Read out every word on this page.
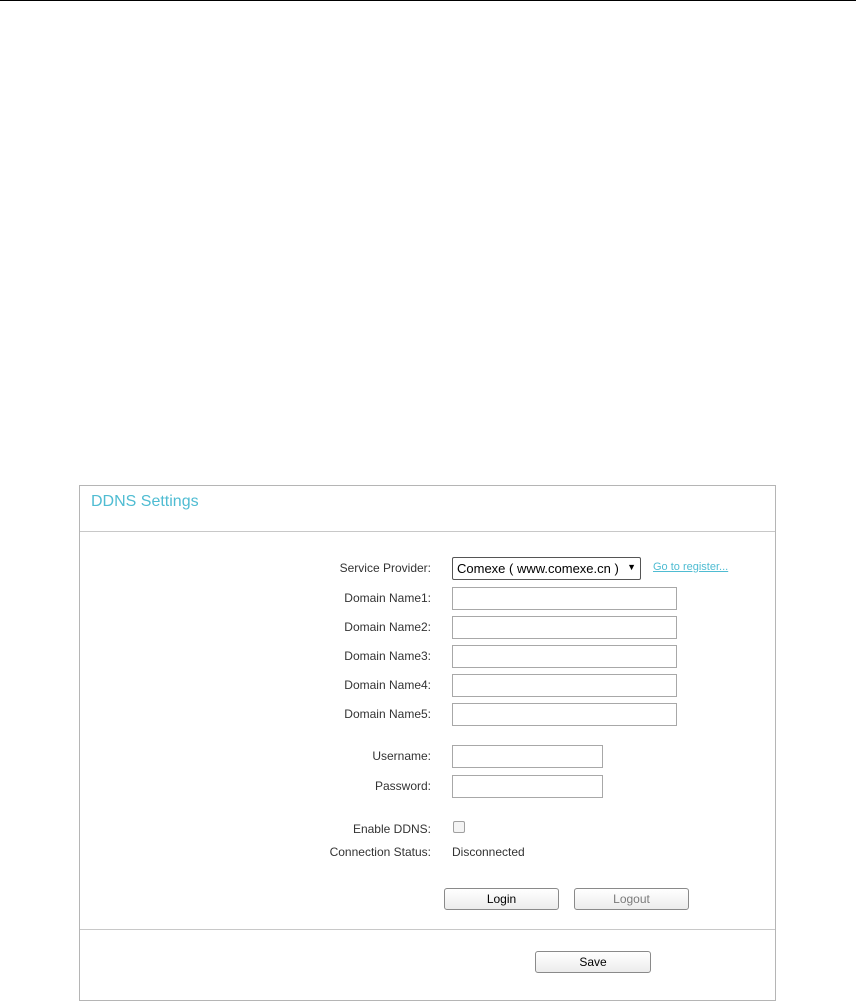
DDNS Settings
Service Provider: Comexe ( www.comexe.cn ) ▼ Go to register...
Domain Name1:
Domain Name2:
Domain Name3:
Domain Name4:
Domain Name5:
Username:
Password:
Enable DDNS:
Connection Status: Disconnected
Login	Logout
Save
